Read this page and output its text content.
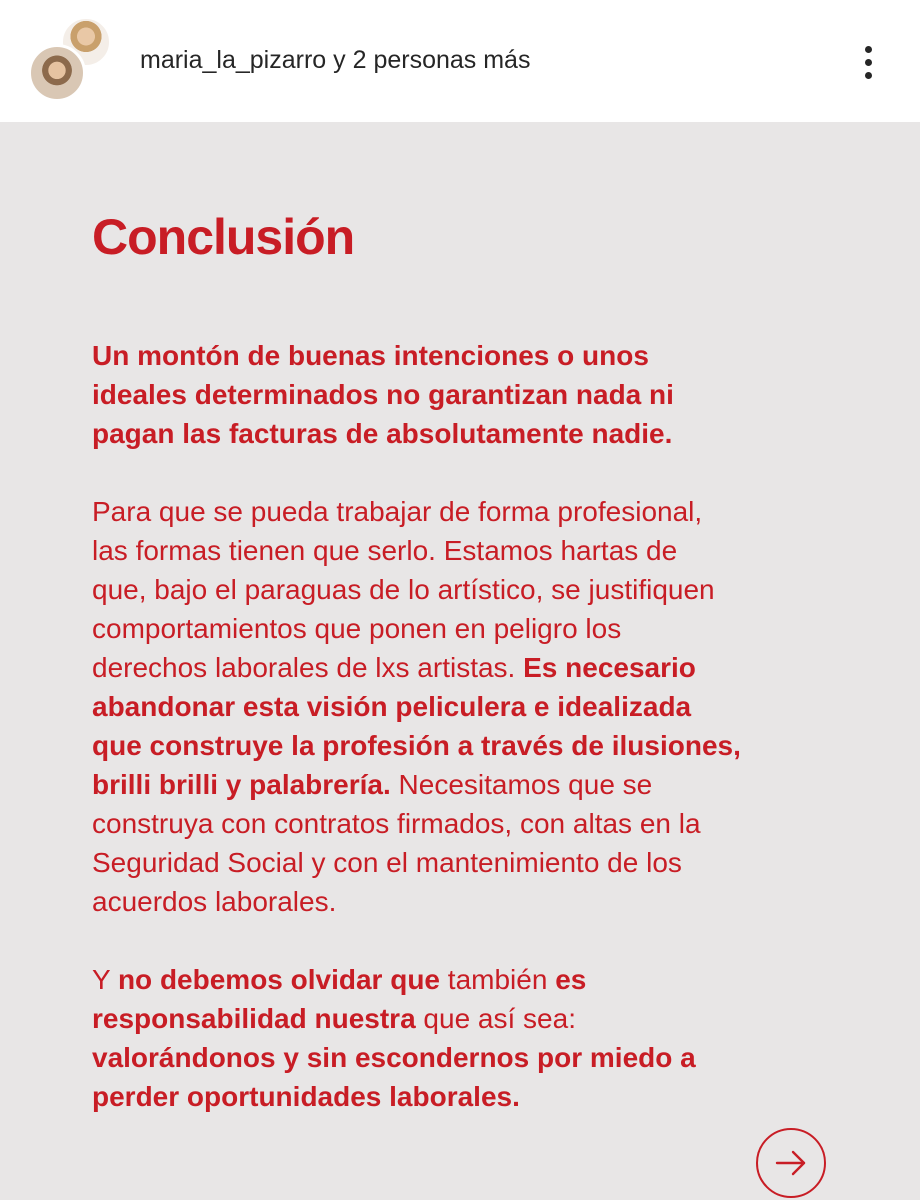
maria_la_pizarro y 2 personas más
Conclusión
Un montón de buenas intenciones o unos
ideales determinados no garantizan nada ni
pagan las facturas de absolutamente nadie.
Para que se pueda trabajar de forma profesional,
las formas tienen que serlo. Estamos hartas de
que, bajo el paraguas de lo artístico, se justifiquen
comportamientos que ponen en peligro los
derechos laborales de lxs artistas. Es necesario
abandonar esta visión peliculera e idealizada
que construye la profesión a través de ilusiones,
brilli brilli y palabrería. Necesitamos que se
construya con contratos firmados, con altas en la
Seguridad Social y con el mantenimiento de los
acuerdos laborales.
Y no debemos olvidar que también es
responsabilidad nuestra que así sea:
valorándonos y sin escondernos por miedo a
perder oportunidades laborales.
